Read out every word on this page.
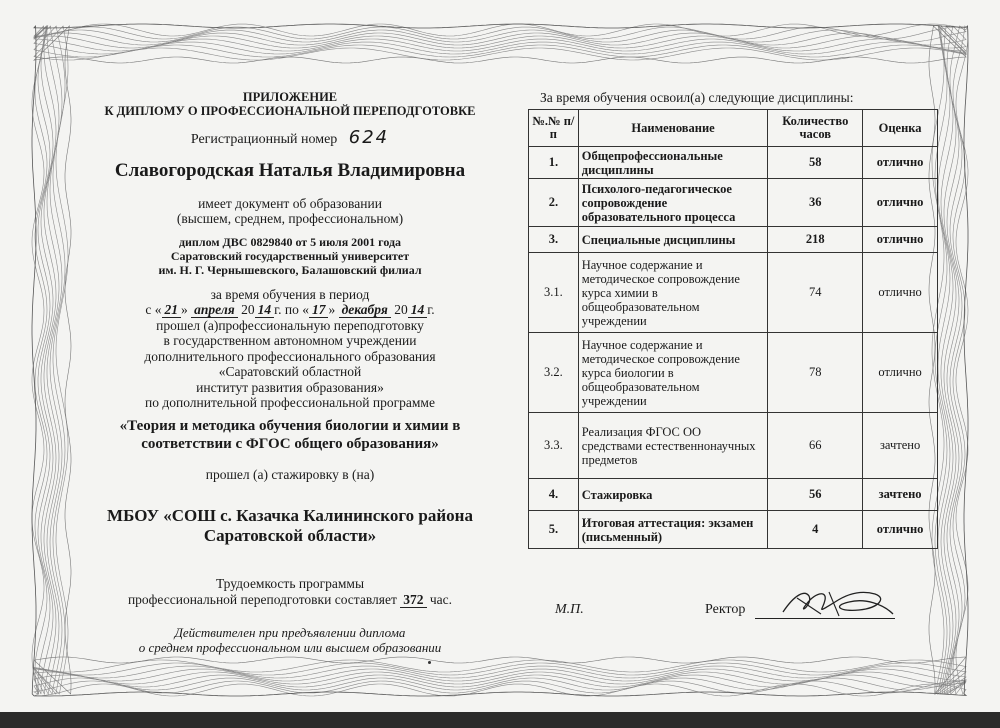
ПРИЛОЖЕНИЕ
К ДИПЛОМУ О ПРОФЕССИОНАЛЬНОЙ ПЕРЕПОДГОТОВКЕ
Регистрационный номер 624
Славогородская Наталья Владимировна
имеет документ об образовании
(высшем, среднем, профессиональном)
диплом ДВС 0829840 от 5 июля 2001 года
Саратовский государственный университет
им. Н. Г. Чернышевского, Балашовский филиал
за время обучения в период
с « 21 » апреля 20 14 г. по « 17 » декабря 20 14 г.
прошел (а)профессиональную переподготовку
в государственном автономном учреждении
дополнительного профессионального образования
«Саратовский областной
институт развития образования»
по дополнительной профессиональной программе
«Теория и методика обучения биологии и химии в
соответствии с ФГОС общего образования»
прошел (а) стажировку в (на)
МБОУ «СОШ с. Казачка Калининского района
Саратовской области»
Трудоемкость программы
профессиональной переподготовки составляет 372 час.
Действителен при предъявлении диплома
о среднем профессиональном или высшем образовании
За время обучения освоил(а) следующие дисциплины:
№.№ п/п	Наименование	Количество часов	Оценка
1.	Общепрофессиональные дисциплины	58	отлично
2.	Психолого-педагогическое сопровождение образовательного процесса	36	отлично
3.	Специальные дисциплины	218	отлично
3.1.	Научное содержание и методическое сопровождение курса химии в общеобразовательном учреждении	74	отлично
3.2.	Научное содержание и методическое сопровождение курса биологии в общеобразовательном учреждении	78	отлично
3.3.	Реализация ФГОС ОО средствами естественнонаучных предметов	66	зачтено
4.	Стажировка	56	зачтено
5.	Итоговая аттестация: экзамен (письменный)	4	отлично
М.П.	Ректор
